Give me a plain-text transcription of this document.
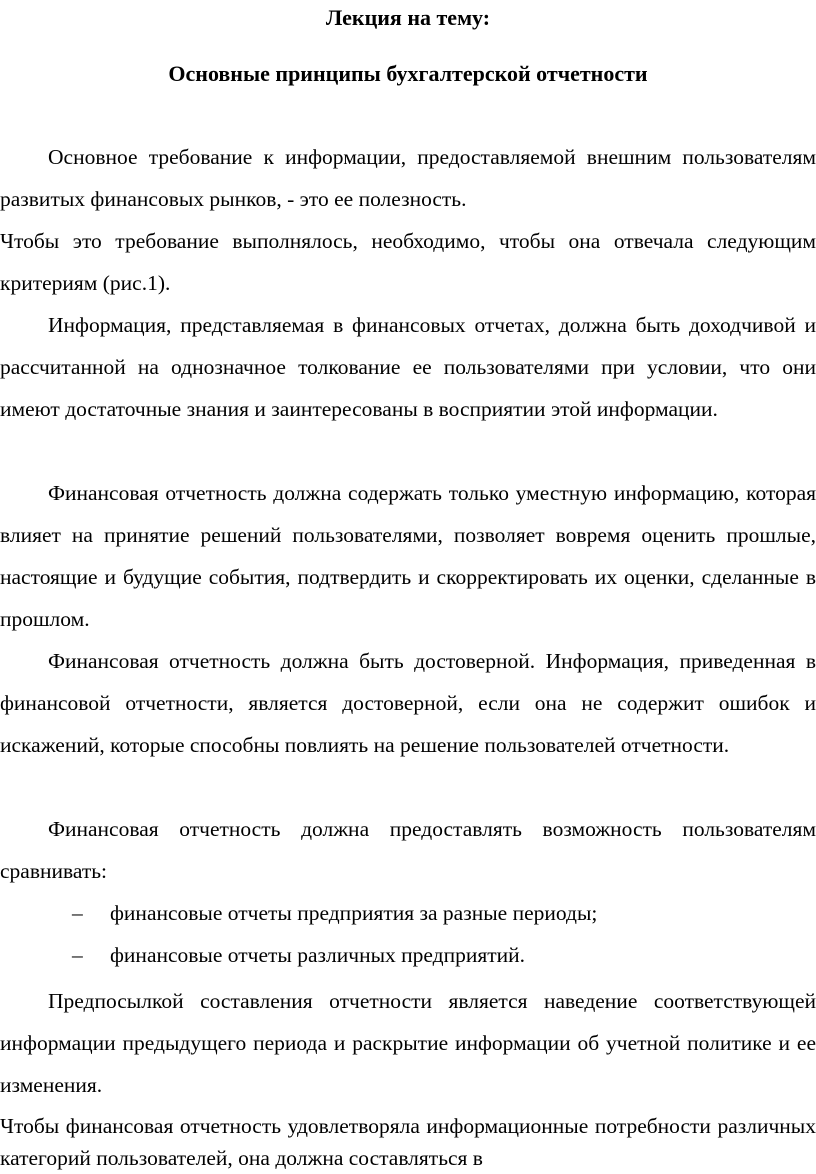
Лекция на тему:
Основные принципы бухгалтерской отчетности

Основное требование к информации, предоставляемой внешним пользователям развитых финансовых рынков, - это ее полезность.

Чтобы это требование выполнялось, необходимо, чтобы она отвечала следующим критериям (рис.1).

Информация, представляемая в финансовых отчетах, должна быть доходчивой и рассчитанной на однозначное толкование ее пользователями при условии, что они имеют достаточные знания и заинтересованы в восприятии этой информации.

Финансовая отчетность должна содержать только уместную информацию, которая влияет на принятие решений пользователями, позволяет вовремя оценить прошлые, настоящие и будущие события, подтвердить и скорректировать их оценки, сделанные в прошлом.

Финансовая отчетность должна быть достоверной. Информация, приведенная в финансовой отчетности, является достоверной, если она не содержит ошибок и искажений, которые способны повлиять на решение пользователей отчетности.

Финансовая отчетность должна предоставлять возможность пользователям сравнивать:

– финансовые отчеты предприятия за разные периоды;
– финансовые отчеты различных предприятий.

Предпосылкой составления отчетности является наведение соответствующей информации предыдущего периода и раскрытие информации об учетной политике и ее изменения.

Чтобы финансовая отчетность удовлетворяла информационные потребности различных категорий пользователей, она должна составляться в
